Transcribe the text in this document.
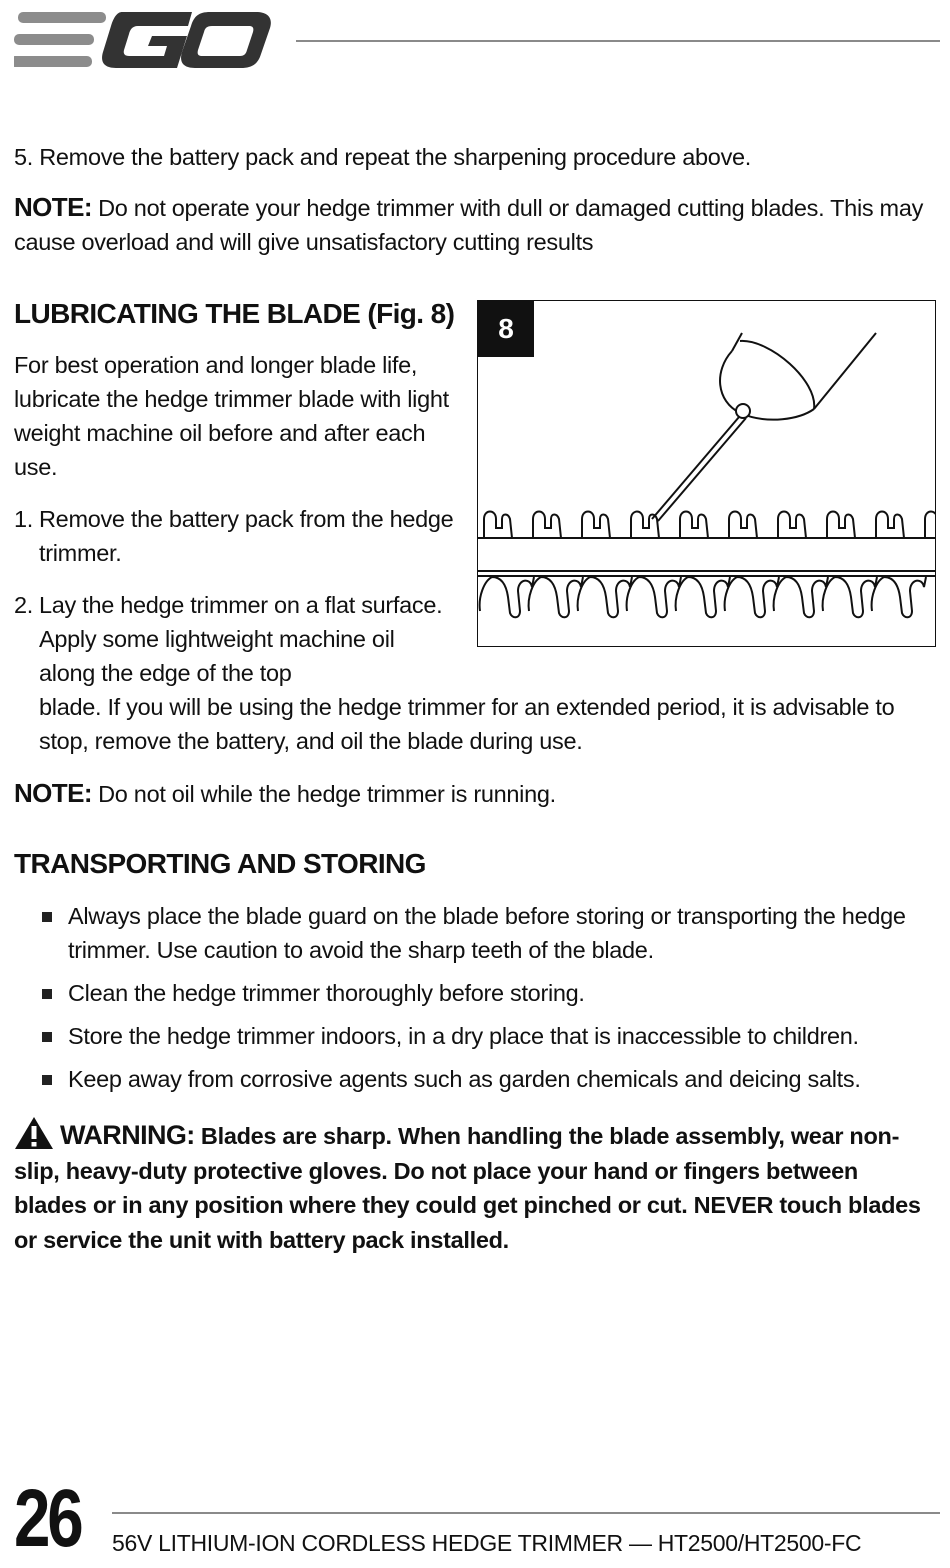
5. Remove the battery pack and repeat the sharpening procedure above.
NOTE: Do not operate your hedge trimmer with dull or damaged cutting blades. This may cause overload and will give unsatisfactory cutting results
LUBRICATING THE BLADE (Fig. 8)
For best operation and longer blade life, lubricate the hedge trimmer blade with light weight machine oil before and after each use.
1. Remove the battery pack from the hedge trimmer.
2. Lay the hedge trimmer on a flat surface. Apply some lightweight machine oil along the edge of the top
blade. If you will be using the hedge trimmer for an extended period, it is advisable to stop, remove the battery, and oil the blade during use.
8
NOTE: Do not oil while the hedge trimmer is running.
TRANSPORTING AND STORING
Always place the blade guard on the blade before storing or transporting the hedge trimmer. Use caution to avoid the sharp teeth of the blade.
Clean the hedge trimmer thoroughly before storing.
Store the hedge trimmer indoors, in a dry place that is inaccessible to children.
Keep away from corrosive agents such as garden chemicals and deicing salts.
WARNING: Blades are sharp. When handling the blade assembly, wear non-slip, heavy-duty protective gloves. Do not place your hand or fingers between blades or in any position where they could get pinched or cut. NEVER touch blades or service the unit with battery pack installed.
26 56V LITHIUM-ION CORDLESS HEDGE TRIMMER — HT2500/HT2500-FC
